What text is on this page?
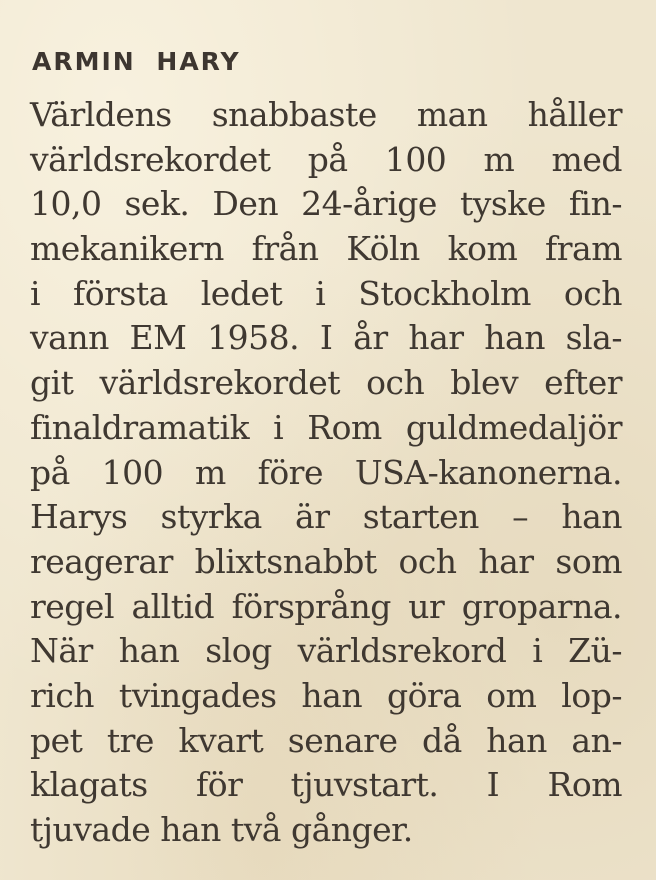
ARMIN HARY
Världens snabbaste man håller
världsrekordet på 100 m med
10,0 sek. Den 24-årige tyske fin-
mekanikern från Köln kom fram
i första ledet i Stockholm och
vann EM 1958. I år har han sla-
git världsrekordet och blev efter
finaldramatik i Rom guldmedaljör
på 100 m före USA-kanonerna.
Harys styrka är starten – han
reagerar blixtsnabbt och har som
regel alltid försprång ur groparna.
När han slog världsrekord i Zü-
rich tvingades han göra om lop-
pet tre kvart senare då han an-
klagats för tjuvstart. I Rom
tjuvade han två gånger.
